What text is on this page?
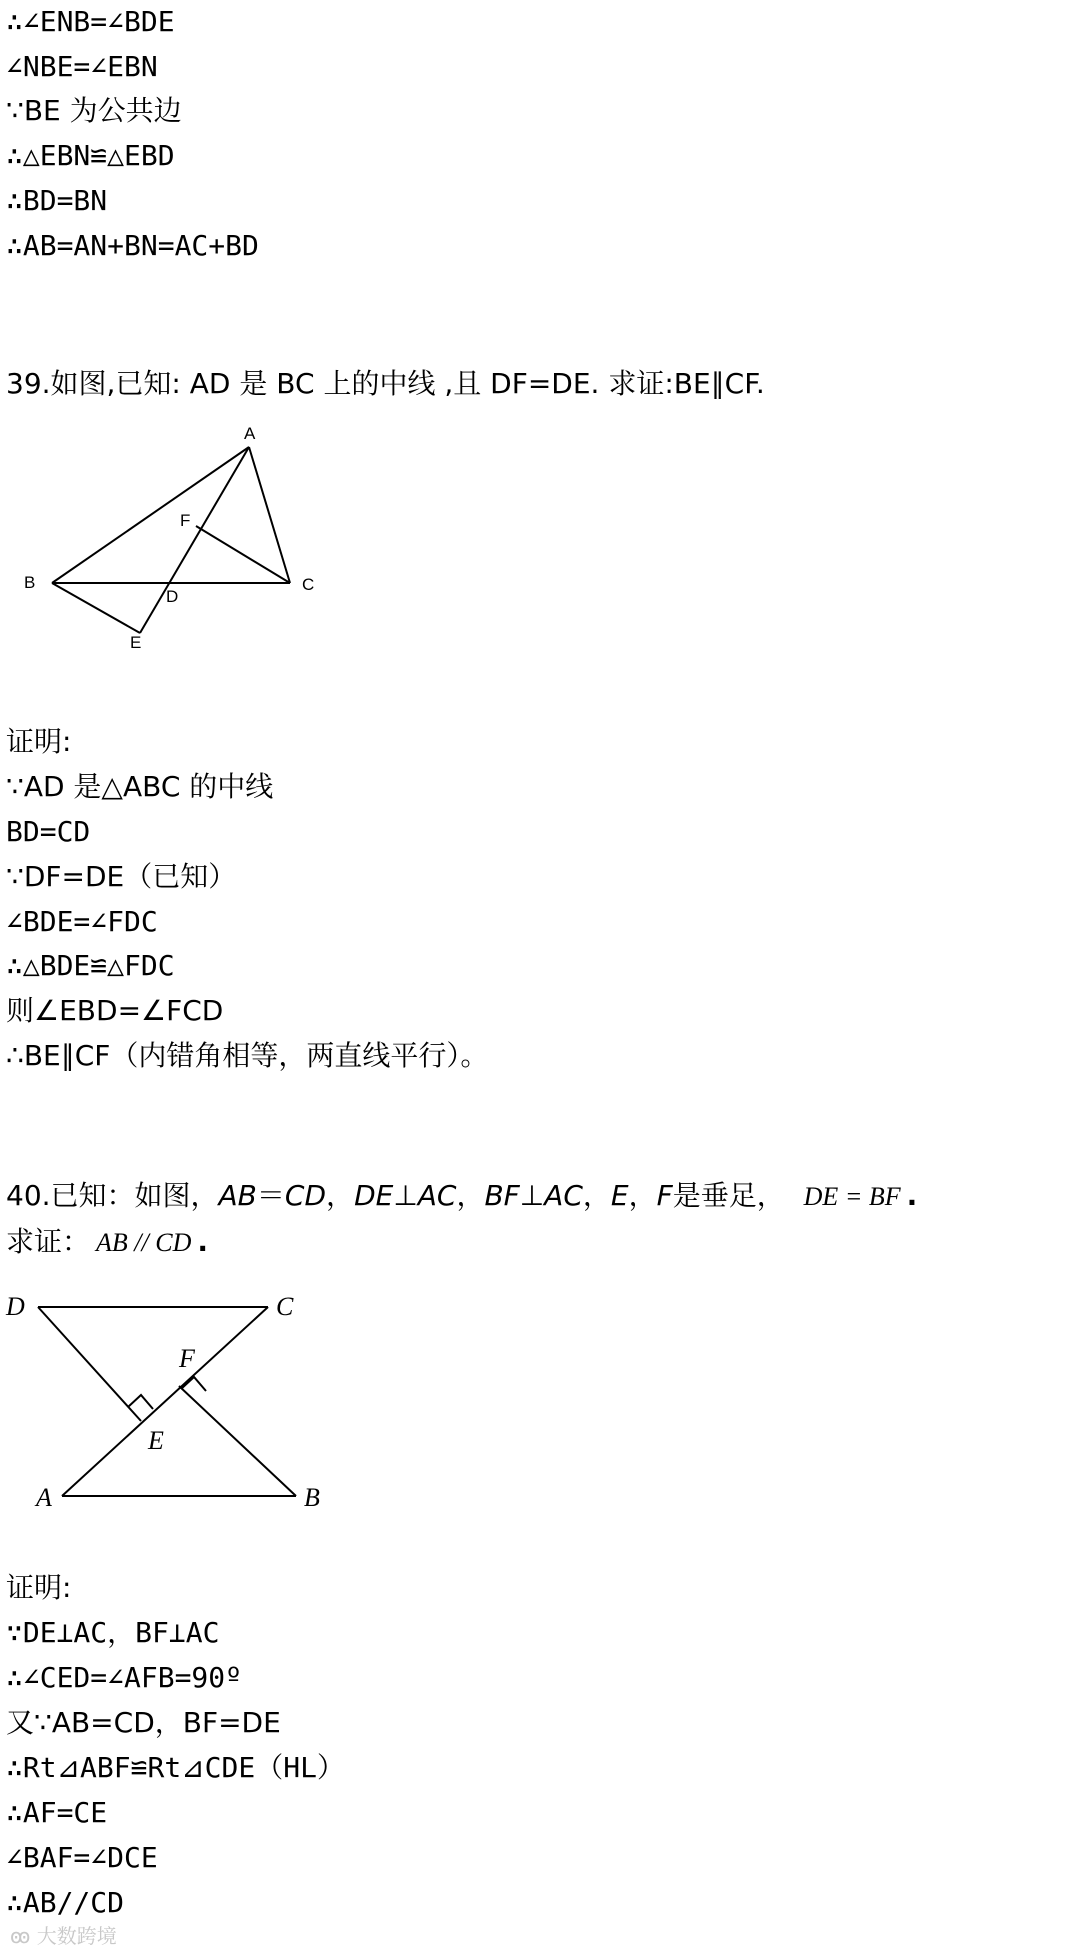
∴∠ENB=∠BDE
∠NBE=∠EBN
∵BE 为公共边
∴△EBN≌△EBD
∴BD=BN
∴AB=AN+BN=AC+BD
39.如图,已知: AD 是 BC 上的中线 ,且 DF=DE. 求证:BE∥CF.
A
B	C
D
F
E
证明:
∵AD 是△ABC 的中线
BD=CD
∵DF=DE（已知）
∠BDE=∠FDC
∴△BDE≌△FDC
则∠EBD=∠FCD
∴BE∥CF（内错角相等，两直线平行）。
40.已知：如图，AB＝CD，DE⊥AC，BF⊥AC，E，F是垂足， DE = BF .
求证： AB // CD .
D	C
F
E
A	B
证明:
∵DE⊥AC，BF⊥AC
∴∠CED=∠AFB=90º
又∵AB=CD，BF=DE
∴Rt⊿ABF≌Rt⊿CDE（HL）
∴AF=CE
∠BAF=∠DCE
∴AB//CD
ꙭ 大数跨境
